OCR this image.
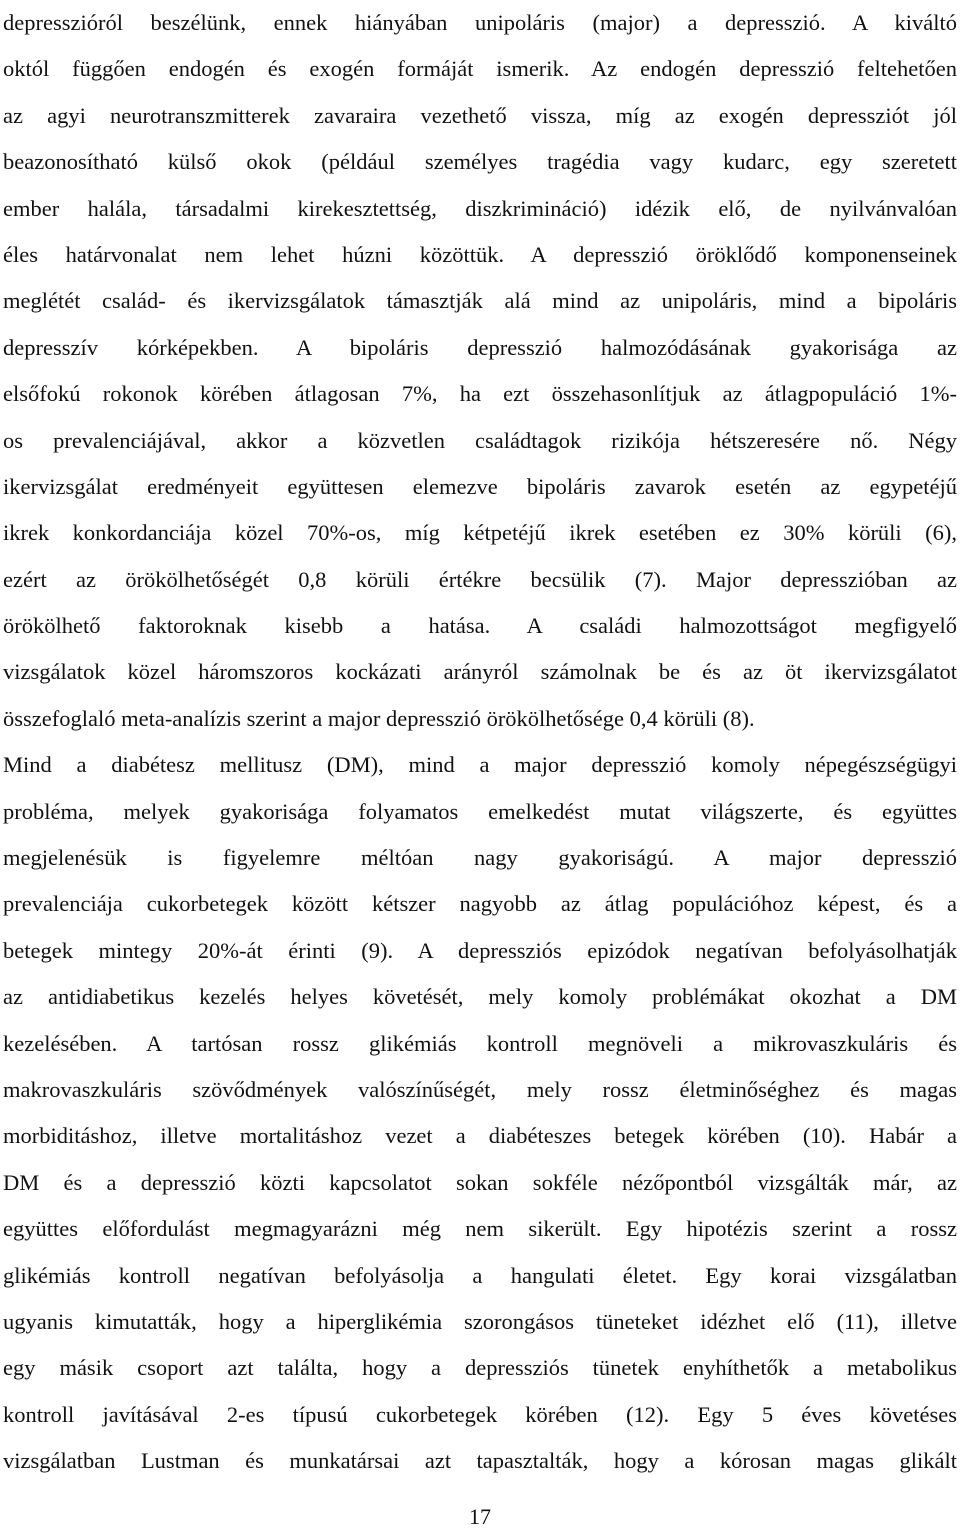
depresszióról beszélünk, ennek hiányában unipoláris (major) a depresszió. A kiváltó
októl függően endogén és exogén formáját ismerik. Az endogén depresszió feltehetően
az agyi neurotranszmitterek zavaraira vezethető vissza, míg az exogén depressziót jól
beazonosítható külső okok (például személyes tragédia vagy kudarc, egy szeretett
ember halála, társadalmi kirekesztettség, diszkrimináció) idézik elő, de nyilvánvalóan
éles határvonalat nem lehet húzni közöttük. A depresszió öröklődő komponenseinek
meglétét család- és ikervizsgálatok támasztják alá mind az unipoláris, mind a bipoláris
depresszív kórképekben. A bipoláris depresszió halmozódásának gyakorisága az
elsőfokú rokonok körében átlagosan 7%, ha ezt összehasonlítjuk az átlagpopuláció 1%-
os prevalenciájával, akkor a közvetlen családtagok rizikója hétszeresére nő. Négy
ikervizsgálat eredményeit együttesen elemezve bipoláris zavarok esetén az egypetéjű
ikrek konkordanciája közel 70%-os, míg kétpetéjű ikrek esetében ez 30% körüli (6),
ezért az örökölhetőségét 0,8 körüli értékre becsülik (7). Major depresszióban az
örökölhető faktoroknak kisebb a hatása. A családi halmozottságot megfigyelő
vizsgálatok közel háromszoros kockázati arányról számolnak be és az öt ikervizsgálatot
összefoglaló meta-analízis szerint a major depresszió örökölhetősége 0,4 körüli (8).
Mind a diabétesz mellitusz (DM), mind a major depresszió komoly népegészségügyi
probléma, melyek gyakorisága folyamatos emelkedést mutat világszerte, és együttes
megjelenésük is figyelemre méltóan nagy gyakoriságú. A major depresszió
prevalenciája cukorbetegek között kétszer nagyobb az átlag populációhoz képest, és a
betegek mintegy 20%-át érinti (9). A depressziós epizódok negatívan befolyásolhatják
az antidiabetikus kezelés helyes követését, mely komoly problémákat okozhat a DM
kezelésében. A tartósan rossz glikémiás kontroll megnöveli a mikrovaszkuláris és
makrovaszkuláris szövődmények valószínűségét, mely rossz életminőséghez és magas
morbiditáshoz, illetve mortalitáshoz vezet a diabéteszes betegek körében (10). Habár a
DM és a depresszió közti kapcsolatot sokan sokféle nézőpontból vizsgálták már, az
együttes előfordulást megmagyarázni még nem sikerült. Egy hipotézis szerint a rossz
glikémiás kontroll negatívan befolyásolja a hangulati életet. Egy korai vizsgálatban
ugyanis kimutatták, hogy a hiperglikémia szorongásos tüneteket idézhet elő (11), illetve
egy másik csoport azt találta, hogy a depressziós tünetek enyhíthetők a metabolikus
kontroll javításával 2-es típusú cukorbetegek körében (12). Egy 5 éves követéses
vizsgálatban Lustman és munkatársai azt tapasztalták, hogy a kórosan magas glikált
17
